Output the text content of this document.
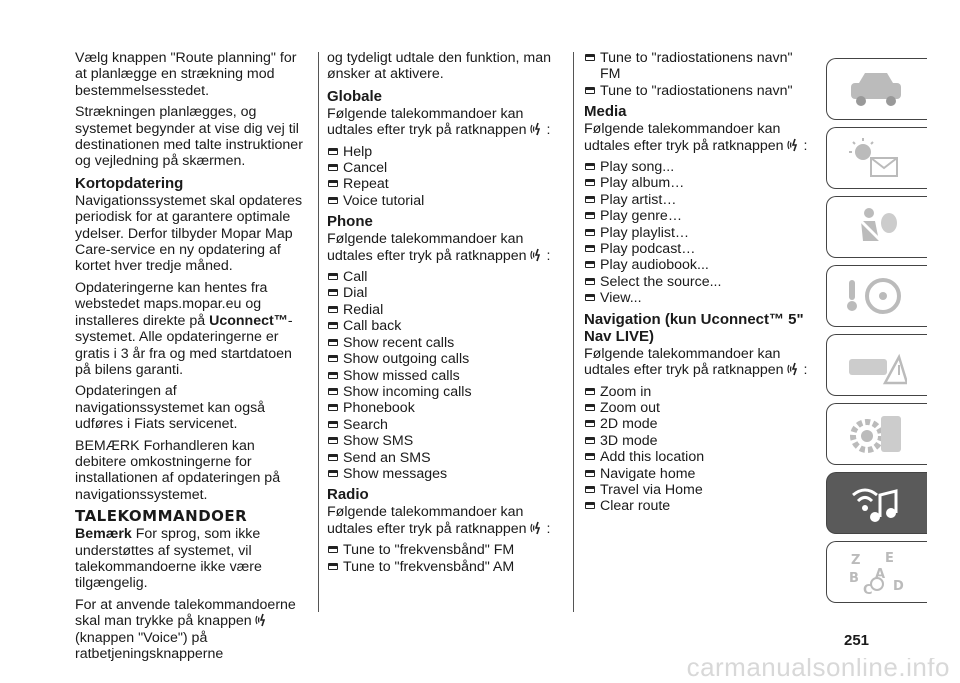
Vælg knappen "Route planning" for at planlægge en strækning mod bestemmelsesstedet.

Strækningen planlægges, og systemet begynder at vise dig vej til destinationen med talte instruktioner og vejledning på skærmen.

Kortopdatering

Navigationssystemet skal opdateres periodisk for at garantere optimale ydelser. Derfor tilbyder Mopar Map Care-service en ny opdatering af kortet hver tredje måned.

Opdateringerne kan hentes fra webstedet maps.mopar.eu og installeres direkte på Uconnect™-systemet. Alle opdateringerne er gratis i 3 år fra og med startdatoen på bilens garanti.

Opdateringen af navigationssystemet kan også udføres i Fiats servicenet.

BEMÆRK Forhandleren kan debitere omkostningerne for installationen af opdateringen på navigationssystemet.

TALEKOMMANDOER

Bemærk For sprog, som ikke understøttes af systemet, vil talekommandoerne ikke være tilgængelig.

For at anvende talekommandoerne skal man trykke på knappen(knappen "Voice") på ratbetjeningsknapperne

og tydeligt udtale den funktion, man ønsker at aktivere.

Globale

Følgende talekommandoer kan udtales efter tryk på ratknappen :

Help
Cancel
Repeat
Voice tutorial
Phone

Følgende talekommandoer kan udtales efter tryk på ratknappen :

Call
Dial
Redial
Call back
Show recent calls
Show outgoing calls
Show missed calls
Show incoming calls
Phonebook
Search
Show SMS
Send an SMS
Show messages
Radio

Følgende talekommandoer kan udtales efter tryk på ratknappen :

Tune to "frekvensbånd" FM
Tune to "frekvensbånd" AM
Tune to "radiostationens navn" FM
Tune to "radiostationens navn"
Media

Følgende talekommandoer kan udtales efter tryk på ratknappen :

Play song...
Play album…
Play artist…
Play genre…
Play playlist…
Play podcast…
Play audiobook...
Select the source...
View...
Navigation (kun Uconnect™ 5" Nav LIVE)

Følgende talekommandoer kan udtales efter tryk på ratknappen :

Zoom in
Zoom out
2D mode
3D mode
Add this location
Navigate home
Travel via Home
Clear route
Z E
B A
C D
251
carmanualsonline.info
